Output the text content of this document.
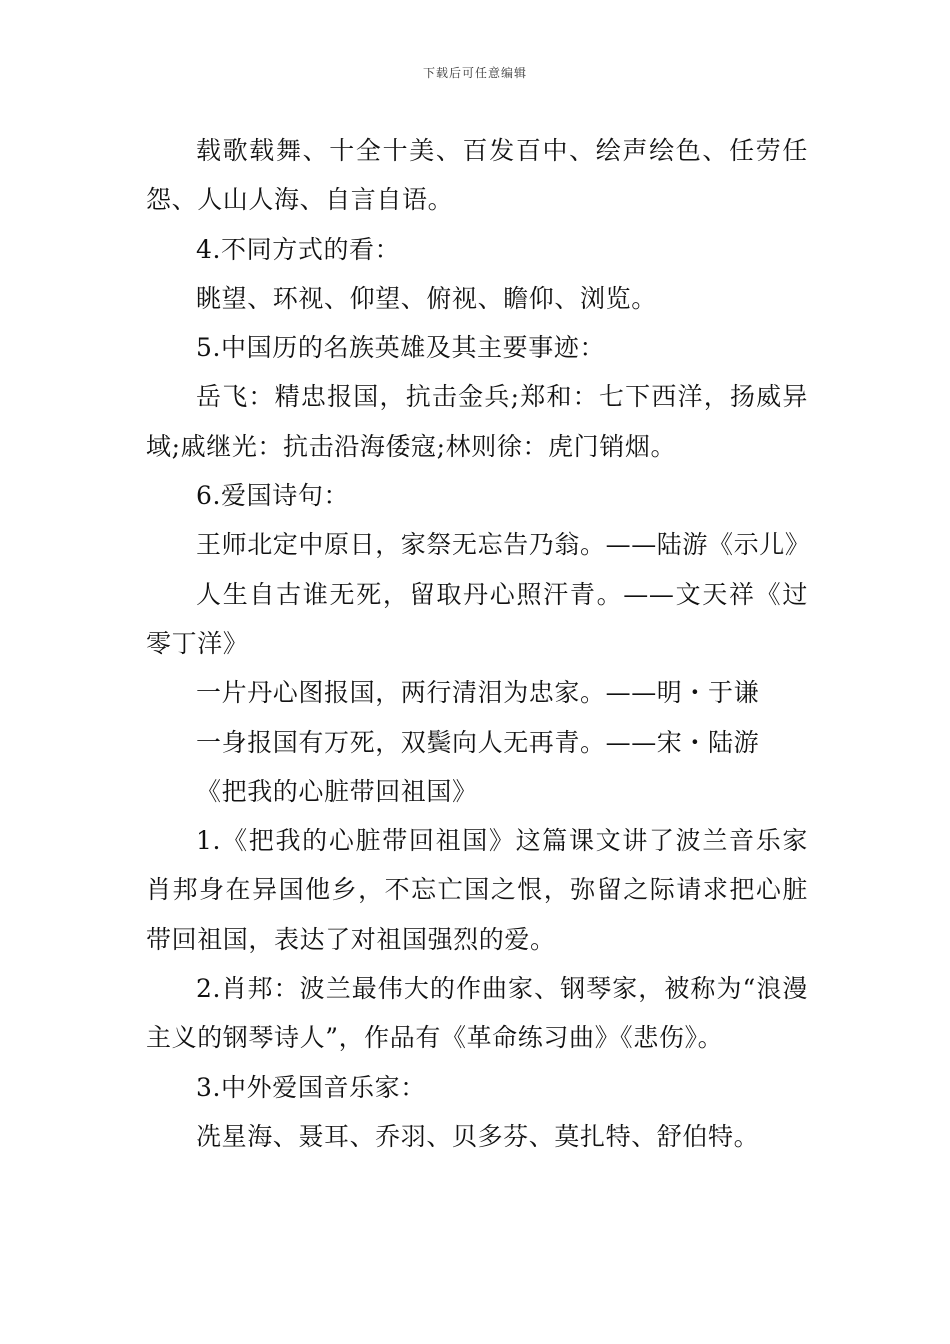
下载后可任意编辑

载歌载舞、十全十美、百发百中、绘声绘色、任劳任怨、人山人海、自言自语。

4.不同方式的看：

眺望、环视、仰望、俯视、瞻仰、浏览。

5.中国历的名族英雄及其主要事迹：

岳飞：精忠报国，抗击金兵;郑和：七下西洋，扬威异域;戚继光：抗击沿海倭寇;林则徐：虎门销烟。

6.爱国诗句：

王师北定中原日，家祭无忘告乃翁。——陆游《示儿》

人生自古谁无死，留取丹心照汗青。——文天祥《过零丁洋》

一片丹心图报国，两行清泪为忠家。——明・于谦

一身报国有万死，双鬓向人无再青。——宋・陆游

《把我的心脏带回祖国》

1.《把我的心脏带回祖国》这篇课文讲了波兰音乐家肖邦身在异国他乡，不忘亡国之恨，弥留之际请求把心脏带回祖国，表达了对祖国强烈的爱。

2.肖邦：波兰最伟大的作曲家、钢琴家，被称为“浪漫主义的钢琴诗人”，作品有《革命练习曲》《悲伤》。

3.中外爱国音乐家：

冼星海、聂耳、乔羽、贝多芬、莫扎特、舒伯特。
